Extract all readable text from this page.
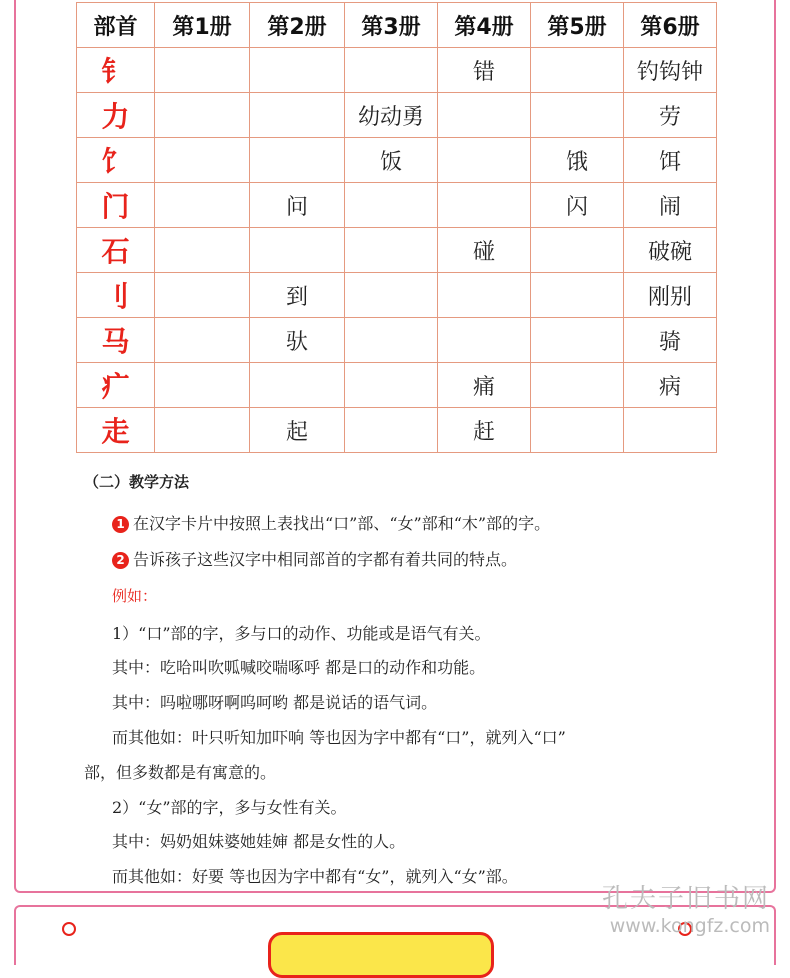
部首	第1册	第2册	第3册	第4册	第5册	第6册
钅				错		钓钩钟
力			幼动勇			劳
饣			饭		饿	饵
门		问			闪	闹
石				碰		破碗
刂		到				刚别
马		驮				骑
疒				痛		病
走		起		赶		
（二）教学方法
1 在汉字卡片中按照上表找出“口”部、“女”部和“木”部的字。
2 告诉孩子这些汉字中相同部首的字都有着共同的特点。
例如：
1）“口”部的字，多与口的动作、功能或是语气有关。
其中：吃哈叫吹呱喊咬喘啄呼 都是口的动作和功能。
其中：吗啦哪呀啊呜呵哟 都是说话的语气词。
而其他如：叶只听知加吓响 等也因为字中都有“口”，就列入“口”
部，但多数都是有寓意的。
2）“女”部的字，多与女性有关。
其中：妈奶姐妹婆她娃婶 都是女性的人。
而其他如：好要 等也因为字中都有“女”，就列入“女”部。
孔夫子旧书网
www.kongfz.com
